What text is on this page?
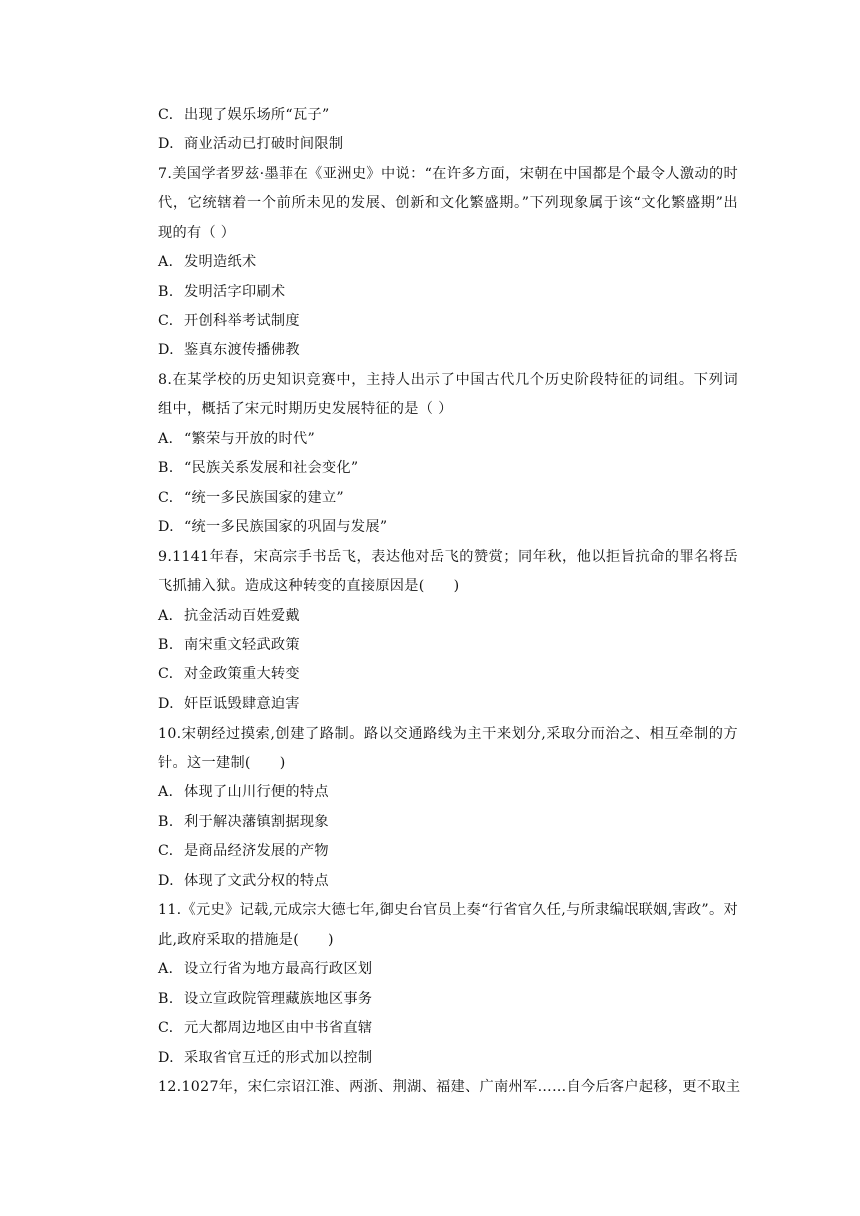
C. 出现了娱乐场所“瓦子”
D. 商业活动已打破时间限制
7.美国学者罗兹·墨菲在《亚洲史》中说：“在许多方面，宋朝在中国都是个最令人激动的时
代，它统辖着一个前所未见的发展、创新和文化繁盛期。”下列现象属于该“文化繁盛期”出
现的有（ ）
A. 发明造纸术
B. 发明活字印刷术
C. 开创科举考试制度
D. 鉴真东渡传播佛教
8.在某学校的历史知识竞赛中，主持人出示了中国古代几个历史阶段特征的词组。下列词
组中，概括了宋元时期历史发展特征的是（ ）
A. “繁荣与开放的时代”
B. “民族关系发展和社会变化”
C. “统一多民族国家的建立”
D. “统一多民族国家的巩固与发展”
9.1141年春，宋高宗手书岳飞，表达他对岳飞的赞赏；同年秋，他以拒旨抗命的罪名将岳
飞抓捕入狱。造成这种转变的直接原因是(　　)
A. 抗金活动百姓爱戴
B. 南宋重文轻武政策
C. 对金政策重大转变
D. 奸臣诋毁肆意迫害
10.宋朝经过摸索,创建了路制。路以交通路线为主干来划分,采取分而治之、相互牵制的方
针。这一建制(　　)
A. 体现了山川行便的特点
B. 利于解决藩镇割据现象
C. 是商品经济发展的产物
D. 体现了文武分权的特点
11.《元史》记载,元成宗大德七年,御史台官员上奏“行省官久任,与所隶编氓联姻,害政”。对
此,政府采取的措施是(　　)
A. 设立行省为地方最高行政区划
B. 设立宣政院管理藏族地区事务
C. 元大都周边地区由中书省直辖
D. 采取省官互迁的形式加以控制
12.1027年，宋仁宗诏江淮、两浙、荆湖、福建、广南州军……自今后客户起移，更不取主
